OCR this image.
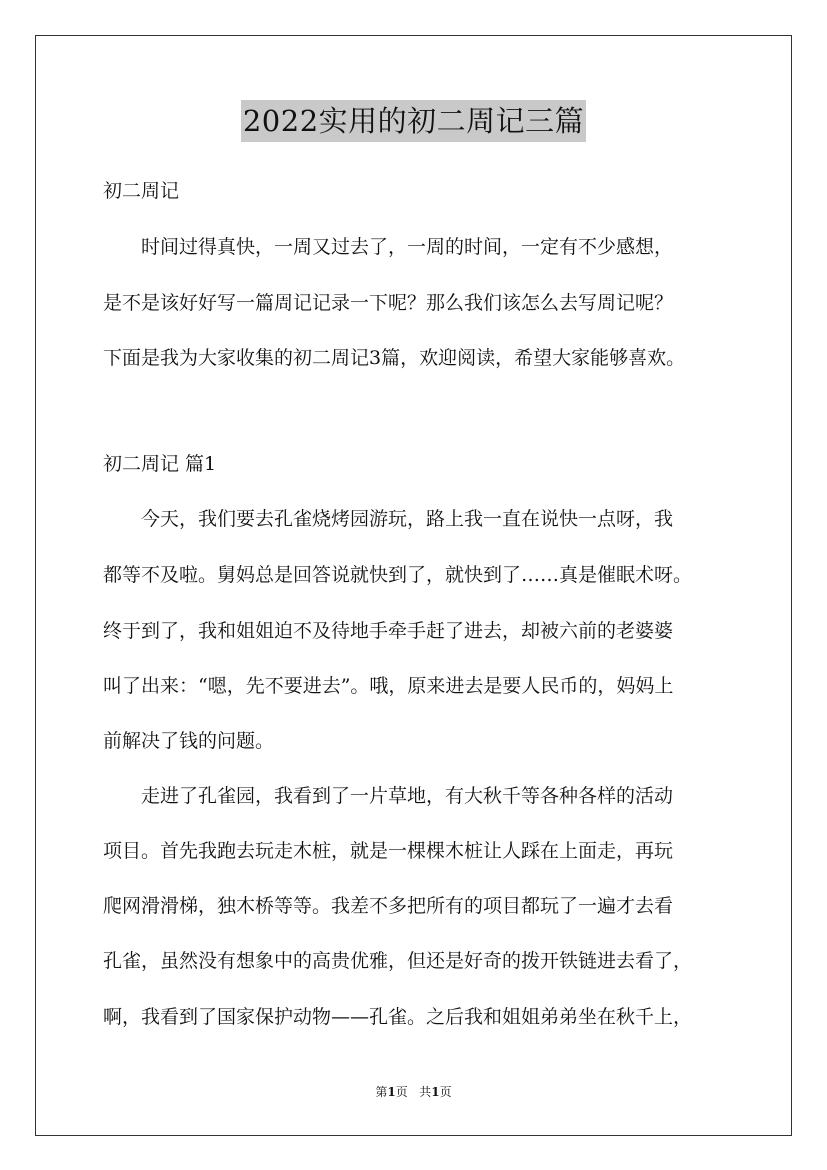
2022实用的初二周记三篇
初二周记
　　时间过得真快，一周又过去了，一周的时间，一定有不少感想，
是不是该好好写一篇周记记录一下呢？那么我们该怎么去写周记呢？
下面是我为大家收集的初二周记3篇，欢迎阅读，希望大家能够喜欢。
初二周记 篇1
　　今天，我们要去孔雀烧烤园游玩，路上我一直在说快一点呀，我
都等不及啦。舅妈总是回答说就快到了，就快到了……真是催眠术呀。
终于到了，我和姐姐迫不及待地手牵手赶了进去，却被六前的老婆婆
叫了出来：“嗯，先不要进去”。哦，原来进去是要人民币的，妈妈上
前解决了钱的问题。
　　走进了孔雀园，我看到了一片草地，有大秋千等各种各样的活动
项目。首先我跑去玩走木桩，就是一棵棵木桩让人踩在上面走，再玩
爬网滑滑梯，独木桥等等。我差不多把所有的项目都玩了一遍才去看
孔雀，虽然没有想象中的高贵优雅，但还是好奇的拨开铁链进去看了，
啊，我看到了国家保护动物——孔雀。之后我和姐姐弟弟坐在秋千上，
第1页 共1页
